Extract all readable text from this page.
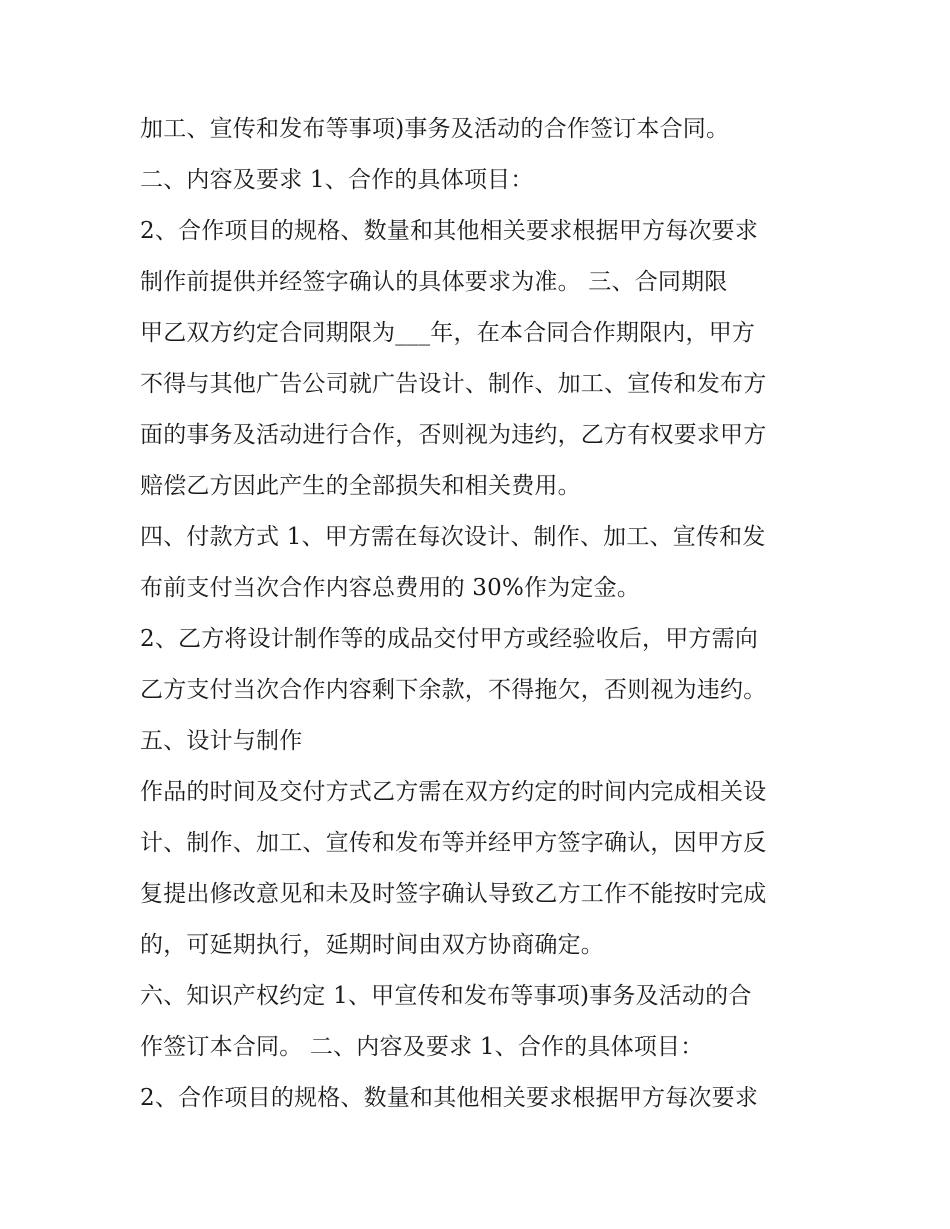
加工、宣传和发布等事项)事务及活动的合作签订本合同。
二、内容及要求 1、合作的具体项目：
2、合作项目的规格、数量和其他相关要求根据甲方每次要求
制作前提供并经签字确认的具体要求为准。 三、合同期限
甲乙双方约定合同期限为___年，在本合同合作期限内，甲方
不得与其他广告公司就广告设计、制作、加工、宣传和发布方
面的事务及活动进行合作，否则视为违约，乙方有权要求甲方
赔偿乙方因此产生的全部损失和相关费用。
四、付款方式 1、甲方需在每次设计、制作、加工、宣传和发
布前支付当次合作内容总费用的 30%作为定金。
2、乙方将设计制作等的成品交付甲方或经验收后，甲方需向
乙方支付当次合作内容剩下余款，不得拖欠，否则视为违约。
五、设计与制作
作品的时间及交付方式乙方需在双方约定的时间内完成相关设
计、制作、加工、宣传和发布等并经甲方签字确认，因甲方反
复提出修改意见和未及时签字确认导致乙方工作不能按时完成
的，可延期执行，延期时间由双方协商确定。
六、知识产权约定 1、甲宣传和发布等事项)事务及活动的合
作签订本合同。 二、内容及要求 1、合作的具体项目：
2、合作项目的规格、数量和其他相关要求根据甲方每次要求
